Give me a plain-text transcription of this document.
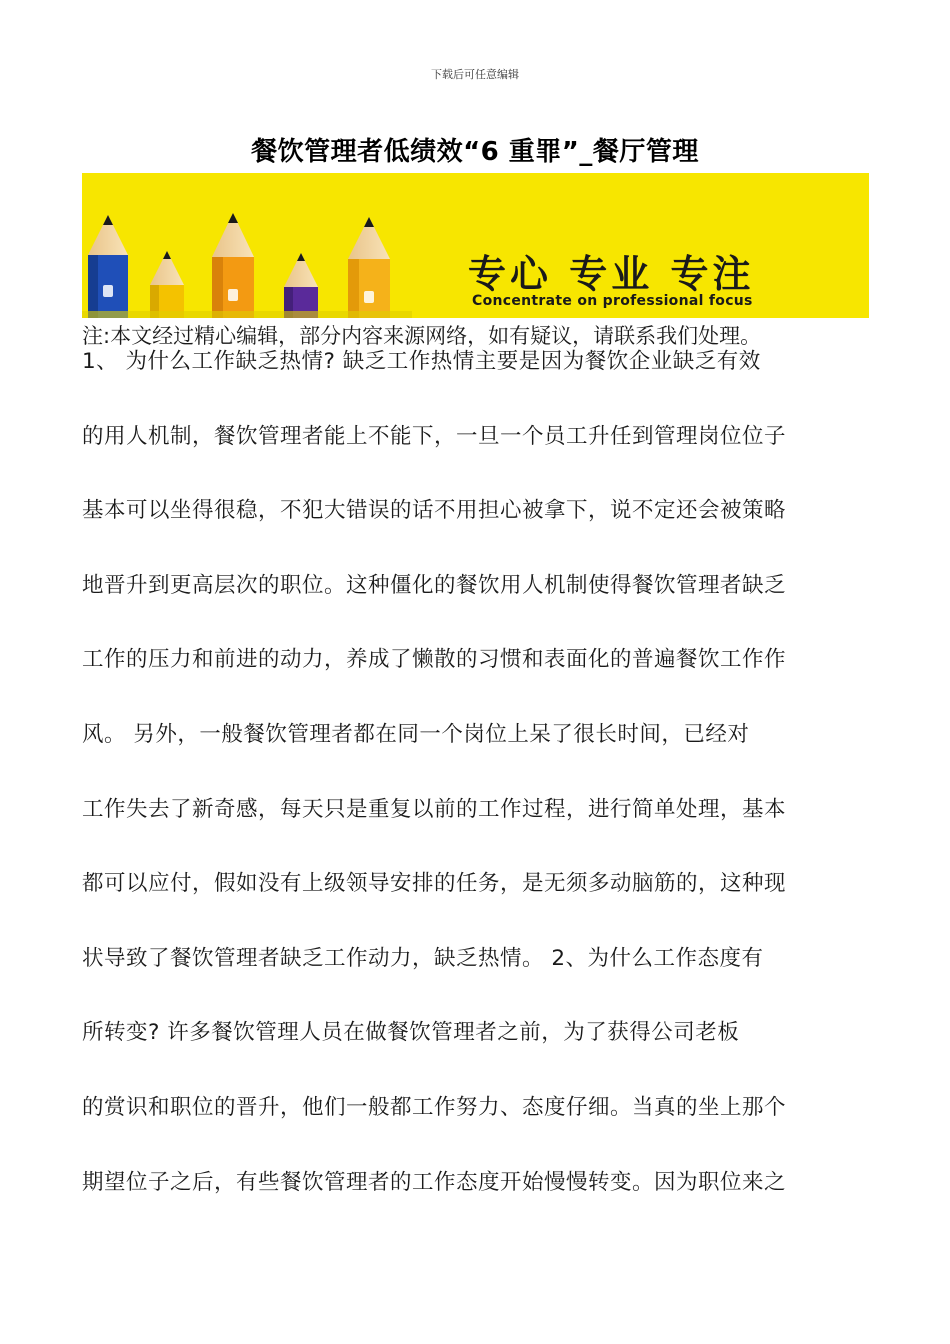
下载后可任意编辑
餐饮管理者低绩效“6 重罪”_餐厅管理
专心 专业 专注
Concentrate on professional focus
注:本文经过精心编辑，部分内容来源网络，如有疑议，请联系我们处理。
1、 为什么工作缺乏热情? 缺乏工作热情主要是因为餐饮企业缺乏有效
的用人机制，餐饮管理者能上不能下，一旦一个员工升任到管理岗位位子
基本可以坐得很稳，不犯大错误的话不用担心被拿下，说不定还会被策略
地晋升到更高层次的职位。这种僵化的餐饮用人机制使得餐饮管理者缺乏
工作的压力和前进的动力，养成了懒散的习惯和表面化的普遍餐饮工作作
风。 另外，一般餐饮管理者都在同一个岗位上呆了很长时间，已经对
工作失去了新奇感，每天只是重复以前的工作过程，进行简单处理，基本
都可以应付，假如没有上级领导安排的任务，是无须多动脑筋的，这种现
状导致了餐饮管理者缺乏工作动力，缺乏热情。 2、为什么工作态度有
所转变? 许多餐饮管理人员在做餐饮管理者之前，为了获得公司老板
的赏识和职位的晋升，他们一般都工作努力、态度仔细。当真的坐上那个
期望位子之后，有些餐饮管理者的工作态度开始慢慢转变。因为职位来之
